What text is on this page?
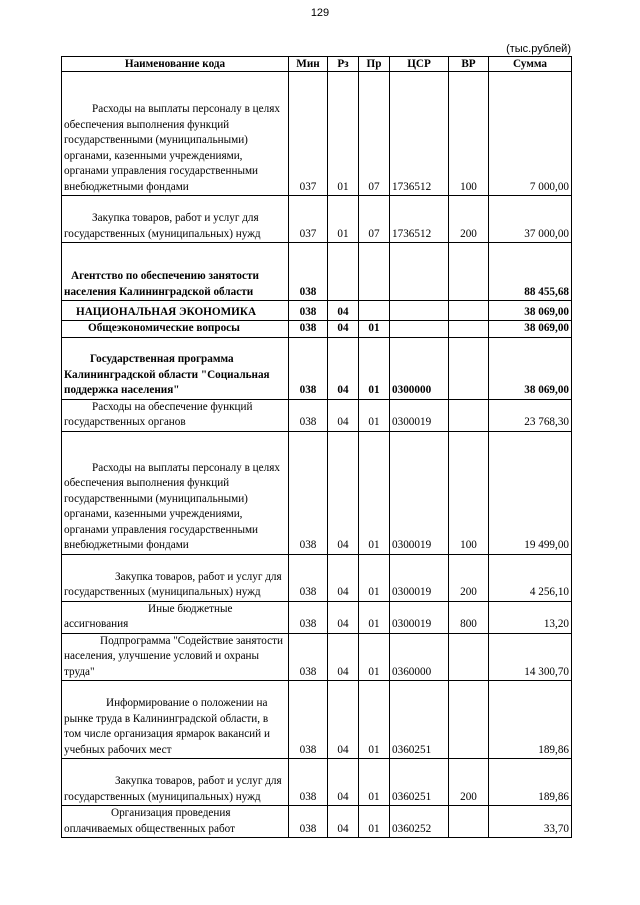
129
(тыс.рублей)
Наименование кода	Мин	Рз	Пр	ЦСР	ВР	Сумма
Расходы на выплаты персоналу в целях обеспечения выполнения функций государственными (муниципальными) органами, казенными учреждениями, органами управления государственными внебюджетными фондами	037	01	07	1736512	100	7 000,00
Закупка товаров, работ и услуг для государственных (муниципальных) нужд	037	01	07	1736512	200	37 000,00
Агентство по обеспечению занятости населения Калининградской области	038					88 455,68
НАЦИОНАЛЬНАЯ ЭКОНОМИКА	038	04				38 069,00
Общеэкономические вопросы	038	04	01			38 069,00
Государственная программа Калининградской области "Социальная поддержка населения"	038	04	01	0300000		38 069,00
Расходы на обеспечение функций государственных органов	038	04	01	0300019		23 768,30
Расходы на выплаты персоналу в целях обеспечения выполнения функций государственными (муниципальными) органами, казенными учреждениями, органами управления государственными внебюджетными фондами	038	04	01	0300019	100	19 499,00
Закупка товаров, работ и услуг для государственных (муниципальных) нужд	038	04	01	0300019	200	4 256,10
Иные бюджетные ассигнования	038	04	01	0300019	800	13,20
Подпрограмма "Содействие занятости населения, улучшение условий и охраны труда"	038	04	01	0360000		14 300,70
Информирование о положении на рынке труда в Калининградской области, в том числе организация ярмарок вакансий и учебных рабочих мест	038	04	01	0360251		189,86
Закупка товаров, работ и услуг для государственных (муниципальных) нужд	038	04	01	0360251	200	189,86
Организация проведения оплачиваемых общественных работ	038	04	01	0360252		33,70
